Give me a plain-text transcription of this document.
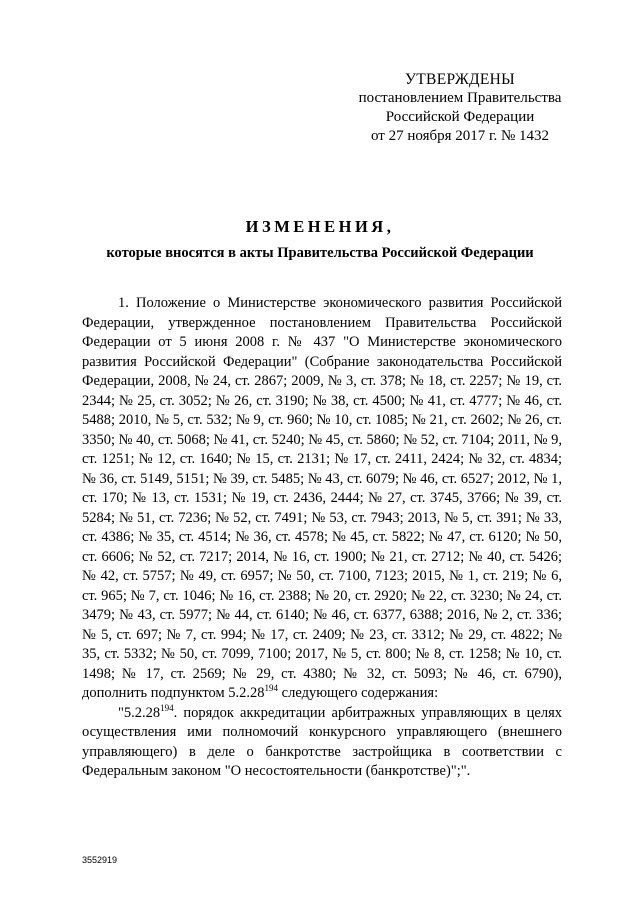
УТВЕРЖДЕНЫ
постановлением Правительства
Российской Федерации
от 27 ноября 2017 г. № 1432
ИЗМЕНЕНИЯ,
которые вносятся в акты Правительства Российской Федерации

1. Положение о Министерстве экономического развития Российской Федерации, утвержденное постановлением Правительства Российской Федерации от 5 июня 2008 г. № 437 "О Министерстве экономического развития Российской Федерации" (Собрание законодательства Российской Федерации, 2008, № 24, ст. 2867; 2009, № 3, ст. 378; № 18, ст. 2257; № 19, ст. 2344; № 25, ст. 3052; № 26, ст. 3190; № 38, ст. 4500; № 41, ст. 4777; № 46, ст. 5488; 2010, № 5, ст. 532; № 9, ст. 960; № 10, ст. 1085; № 21, ст. 2602; № 26, ст. 3350; № 40, ст. 5068; № 41, ст. 5240; № 45, ст. 5860; № 52, ст. 7104; 2011, № 9, ст. 1251; № 12, ст. 1640; № 15, ст. 2131; № 17, ст. 2411, 2424; № 32, ст. 4834; № 36, ст. 5149, 5151; № 39, ст. 5485; № 43, ст. 6079; № 46, ст. 6527; 2012, № 1, ст. 170; № 13, ст. 1531; № 19, ст. 2436, 2444; № 27, ст. 3745, 3766; № 39, ст. 5284; № 51, ст. 7236; № 52, ст. 7491; № 53, ст. 7943; 2013, № 5, ст. 391; № 33, ст. 4386; № 35, ст. 4514; № 36, ст. 4578; № 45, ст. 5822; № 47, ст. 6120; № 50, ст. 6606; № 52, ст. 7217; 2014, № 16, ст. 1900; № 21, ст. 2712; № 40, ст. 5426; № 42, ст. 5757; № 49, ст. 6957; № 50, ст. 7100, 7123; 2015, № 1, ст. 219; № 6, ст. 965; № 7, ст. 1046; № 16, ст. 2388; № 20, ст. 2920; № 22, ст. 3230; № 24, ст. 3479; № 43, ст. 5977; № 44, ст. 6140; № 46, ст. 6377, 6388; 2016, № 2, ст. 336; № 5, ст. 697; № 7, ст. 994; № 17, ст. 2409; № 23, ст. 3312; № 29, ст. 4822; № 35, ст. 5332; № 50, ст. 7099, 7100; 2017, № 5, ст. 800; № 8, ст. 1258; № 10, ст. 1498; № 17, ст. 2569; № 29, ст. 4380; № 32, ст. 5093; № 46, ст. 6790), дополнить подпунктом 5.2.28$^{194}$ следующего содержания:

"5.2.28$^{194}$. порядок аккредитации арбитражных управляющих в целях осуществления ими полномочий конкурсного управляющего (внешнего управляющего) в деле о банкротстве застройщика в соответствии с Федеральным законом "О несостоятельности (банкротстве)";".

3552919
